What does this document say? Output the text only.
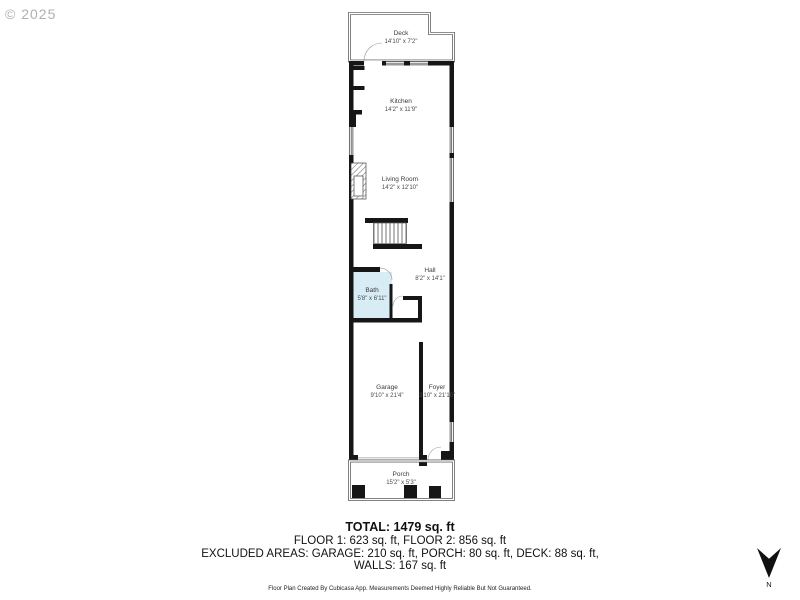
© 2025
Deck
14'10" x 7'2"
Kitchen
14'2" x 11'9"
Living Room
14'2" x 12'10"
Hall
8'2" x 14'1"
Bath
5'8" x 6'11"
Garage
9'10" x 21'4"
Foyer
3'10" x 21'10"
Porch
15'2" x 5'3"
TOTAL: 1479 sq. ft
FLOOR 1: 623 sq. ft, FLOOR 2: 856 sq. ft
EXCLUDED AREAS: GARAGE: 210 sq. ft, PORCH: 80 sq. ft, DECK: 88 sq. ft,
WALLS: 167 sq. ft
Floor Plan Created By Cubicasa App. Measurements Deemed Highly Reliable But Not Guaranteed.	N
